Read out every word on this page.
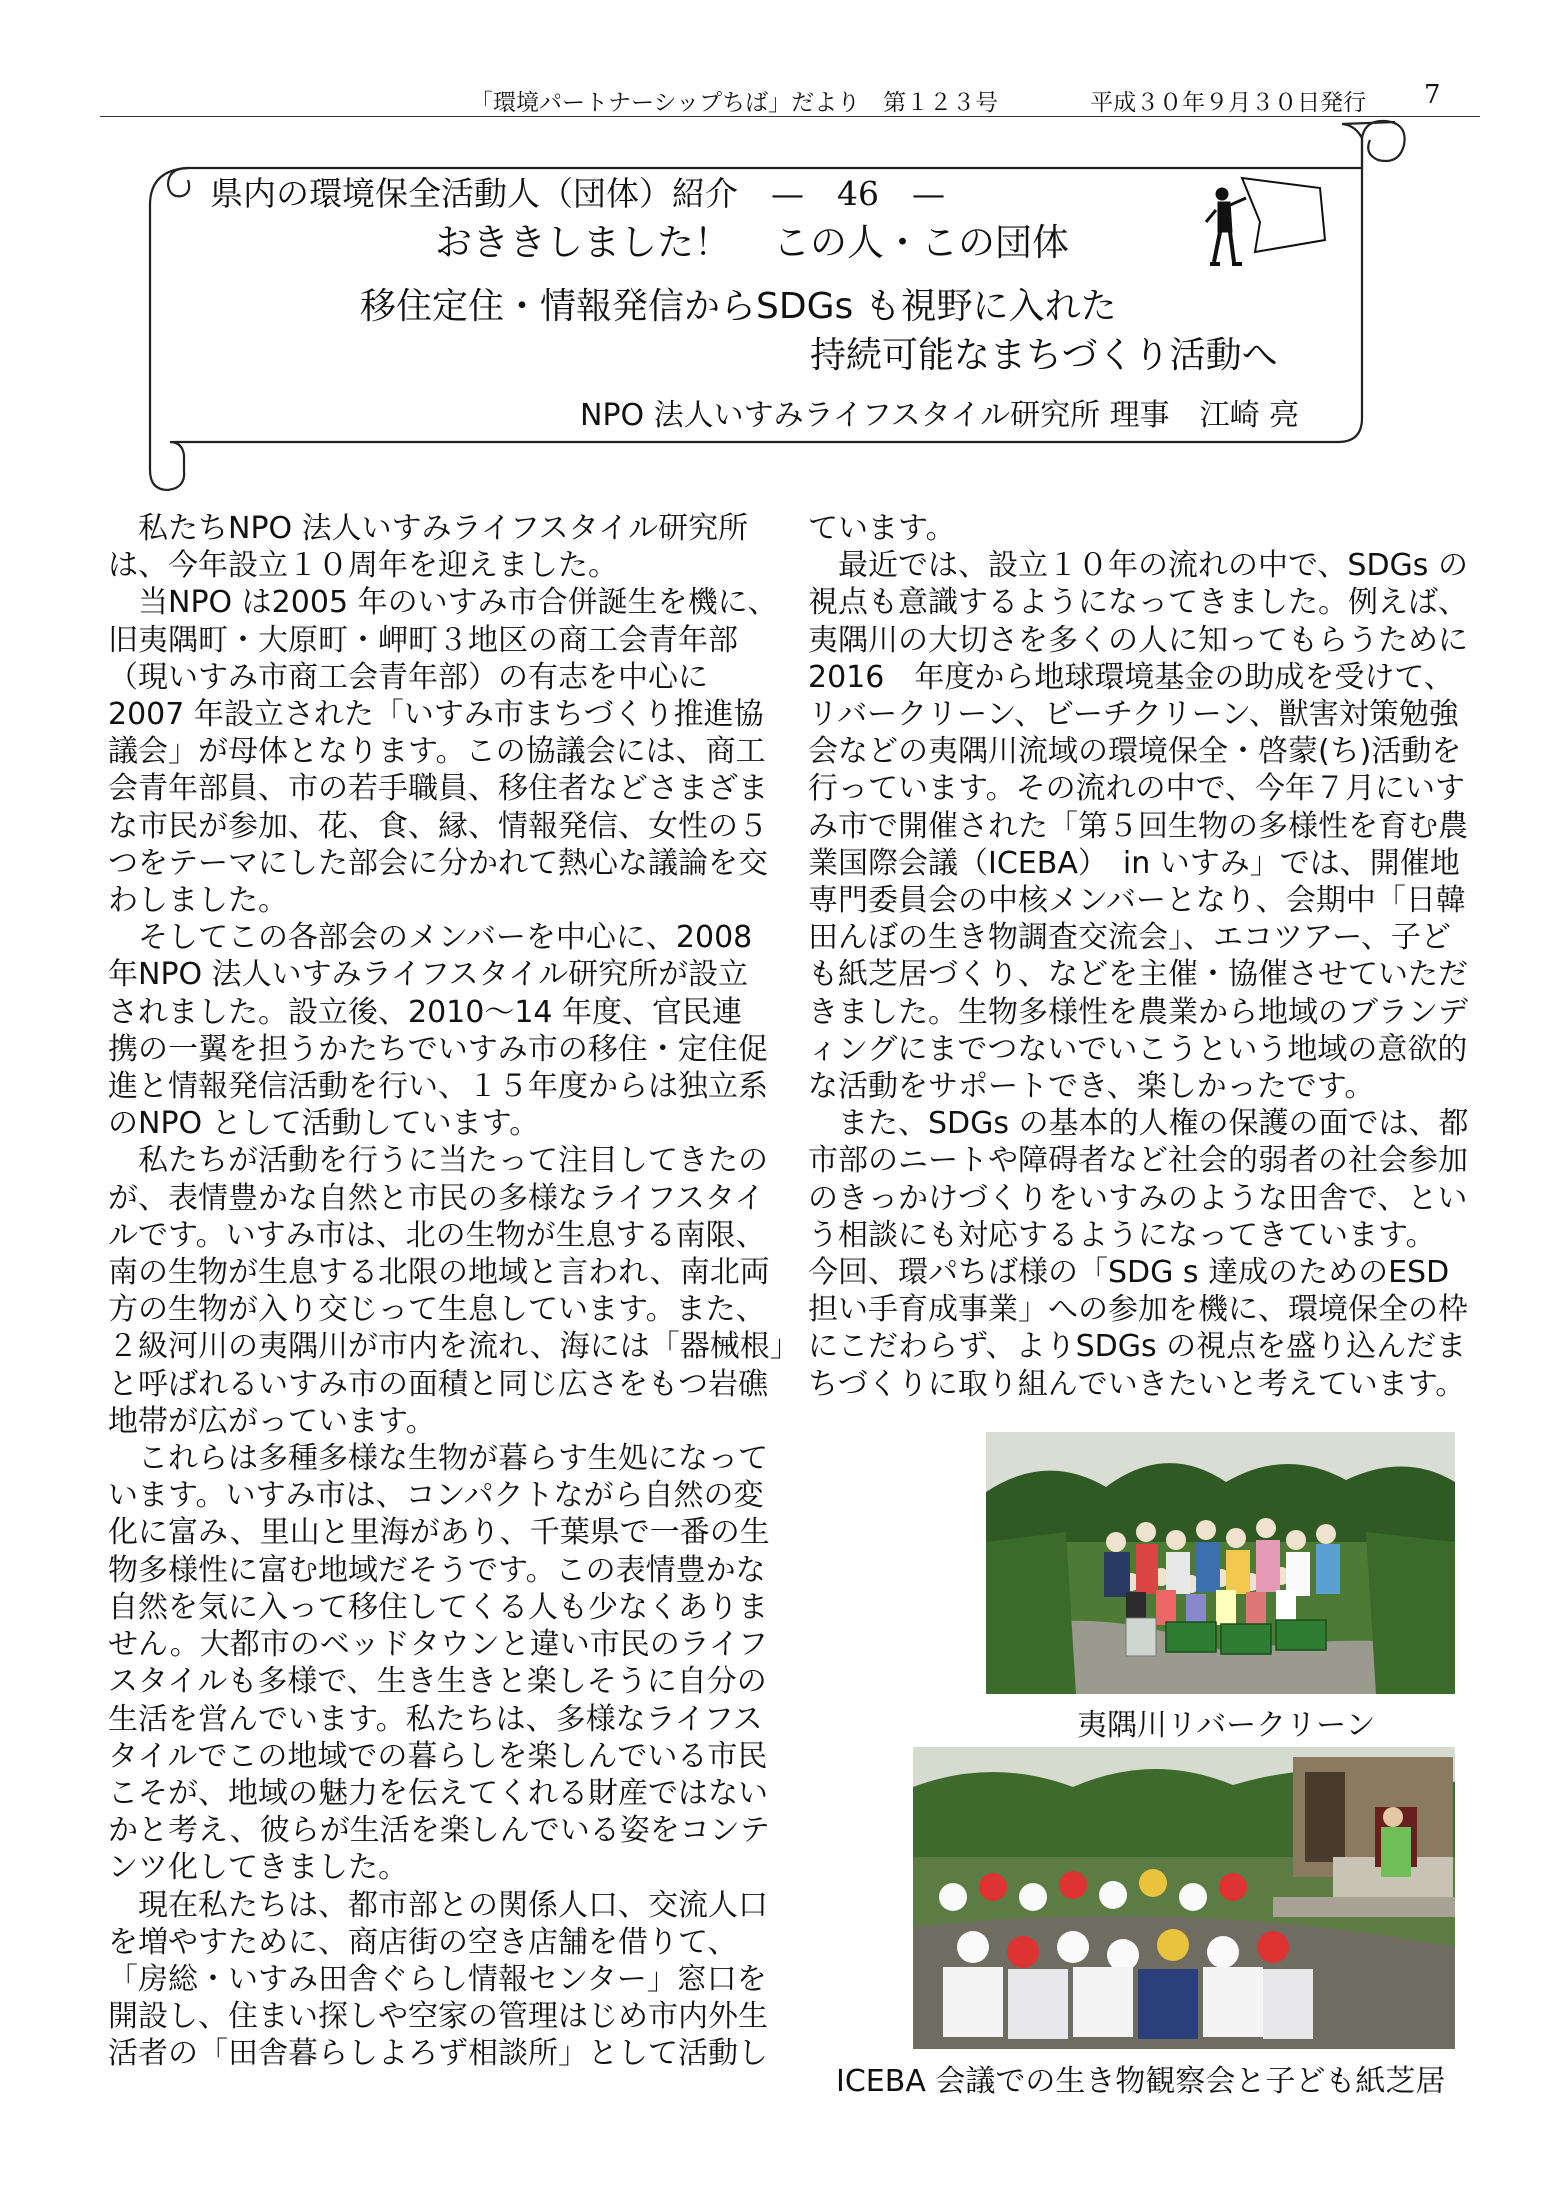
「環境パートナーシップちば」だより　第１２３号　　　　	平成３０年９月３０日発行 7
県内の環境保全活動人（団体）紹介　 —　 46　 —
おききしました！ この人・この団体
移住定住・情報発信からSDGs も視野に入れた
持続可能なまちづくり活動へ
NPO 法人いすみライフスタイル研究所 理事　江崎 亮

　私たちNPO 法人いすみライフスタイル研究所

は、今年設立１０周年を迎えました。

　当NPO は2005 年のいすみ市合併誕生を機に、

旧夷隅町・大原町・岬町３地区の商工会青年部

（現いすみ市商工会青年部）の有志を中心に

2007 年設立された「いすみ市まちづくり推進協

議会」が母体となります。この協議会には、商工

会青年部員、市の若手職員、移住者などさまざま

な市民が参加、花、食、縁、情報発信、女性の５

つをテーマにした部会に分かれて熱心な議論を交

わしました。

　そしてこの各部会のメンバーを中心に、2008

年NPO 法人いすみライフスタイル研究所が設立

されました。設立後、2010～14 年度、官民連

携の一翼を担うかたちでいすみ市の移住・定住促

進と情報発信活動を行い、１５年度からは独立系

のNPO として活動しています。

　私たちが活動を行うに当たって注目してきたの

が、表情豊かな自然と市民の多様なライフスタイ

ルです。いすみ市は、北の生物が生息する南限、

南の生物が生息する北限の地域と言われ、南北両

方の生物が入り交じって生息しています。また、

２級河川の夷隅川が市内を流れ、海には「器械根」

と呼ばれるいすみ市の面積と同じ広さをもつ岩礁

地帯が広がっています。

　これらは多種多様な生物が暮らす生処になって

います。いすみ市は、コンパクトながら自然の変

化に富み、里山と里海があり、千葉県で一番の生

物多様性に富む地域だそうです。この表情豊かな

自然を気に入って移住してくる人も少なくありま

せん。大都市のベッドタウンと違い市民のライフ

スタイルも多様で、生き生きと楽しそうに自分の

生活を営んでいます。私たちは、多様なライフス

タイルでこの地域での暮らしを楽しんでいる市民

こそが、地域の魅力を伝えてくれる財産ではない

かと考え、彼らが生活を楽しんでいる姿をコンテ

ンツ化してきました。

　現在私たちは、都市部との関係人口、交流人口

を増やすために、商店街の空き店舗を借りて、

「房総・いすみ田舎ぐらし情報センター」窓口を

開設し、住まい探しや空家の管理はじめ市内外生

活者の「田舎暮らしよろず相談所」として活動し

ています。

　最近では、設立１０年の流れの中で、SDGs の

視点も意識するようになってきました。例えば、

夷隅川の大切さを多くの人に知ってもらうために

2016　年度から地球環境基金の助成を受けて、

リバークリーン、ビーチクリーン、獣害対策勉強

会などの夷隅川流域の環境保全・啓蒙(ち)活動を

行っています。その流れの中で、今年７月にいす

み市で開催された「第５回生物の多様性を育む農

業国際会議（ICEBA）　in いすみ」では、開催地

専門委員会の中核メンバーとなり、会期中「日韓

田んぼの生き物調査交流会」、エコツアー、子ど

も紙芝居づくり、などを主催・協催させていただ

きました。生物多様性を農業から地域のブランデ

ィングにまでつないでいこうという地域の意欲的

な活動をサポートでき、楽しかったです。

　また、SDGs の基本的人権の保護の面では、都

市部のニートや障碍者など社会的弱者の社会参加

のきっかけづくりをいすみのような田舎で、とい

う相談にも対応するようになってきています。

今回、環パちば様の「SDG s 達成のためのESD

担い手育成事業」への参加を機に、環境保全の枠

にこだわらず、よりSDGs の視点を盛り込んだま

ちづくりに取り組んでいきたいと考えています。

夷隅川リバークリーン
ICEBA 会議での生き物観察会と子ども紙芝居
